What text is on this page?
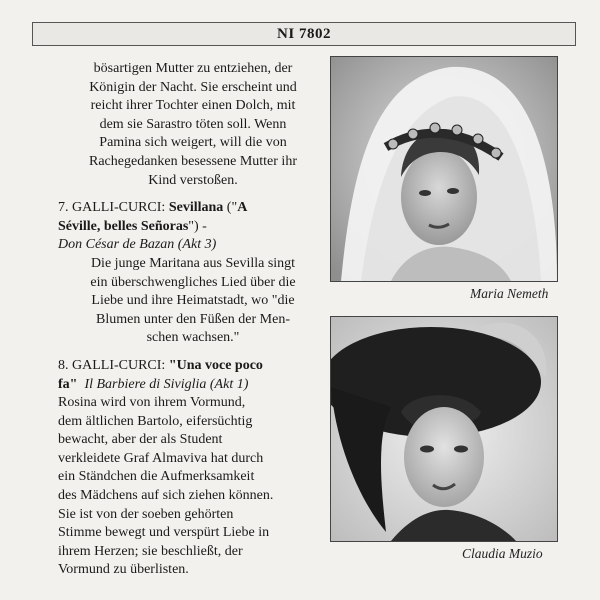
NI 7802

bösartigen Mutter zu entziehen, der

Königin der Nacht. Sie erscheint und

reicht ihrer Tochter einen Dolch, mit

dem sie Sarastro töten soll. Wenn

Pamina sich weigert, will die von

Rachegedanken besessene Mutter ihr

Kind verstoßen.

7. GALLI-CURCI: Sevillana ("A

Séville, belles Señoras") -

Don César de Bazan (Akt 3)

Die junge Maritana aus Sevilla singt

ein überschwengliches Lied über die

Liebe und ihre Heimatstadt, wo "die

Blumen unter den Füßen der Men-

schen wachsen."

8. GALLI-CURCI: "Una voce poco

fa" Il Barbiere di Siviglia (Akt 1)

Rosina wird von ihrem Vormund,

dem ältlichen Bartolo, eifersüchtig

bewacht, aber der als Student

verkleidete Graf Almaviva hat durch

ein Ständchen die Aufmerksamkeit

des Mädchens auf sich ziehen können.

Sie ist von der soeben gehörten

Stimme bewegt und verspürt Liebe in

ihrem Herzen; sie beschließt, der

Vormund zu überlisten.

Maria Nemeth
Claudia Muzio
